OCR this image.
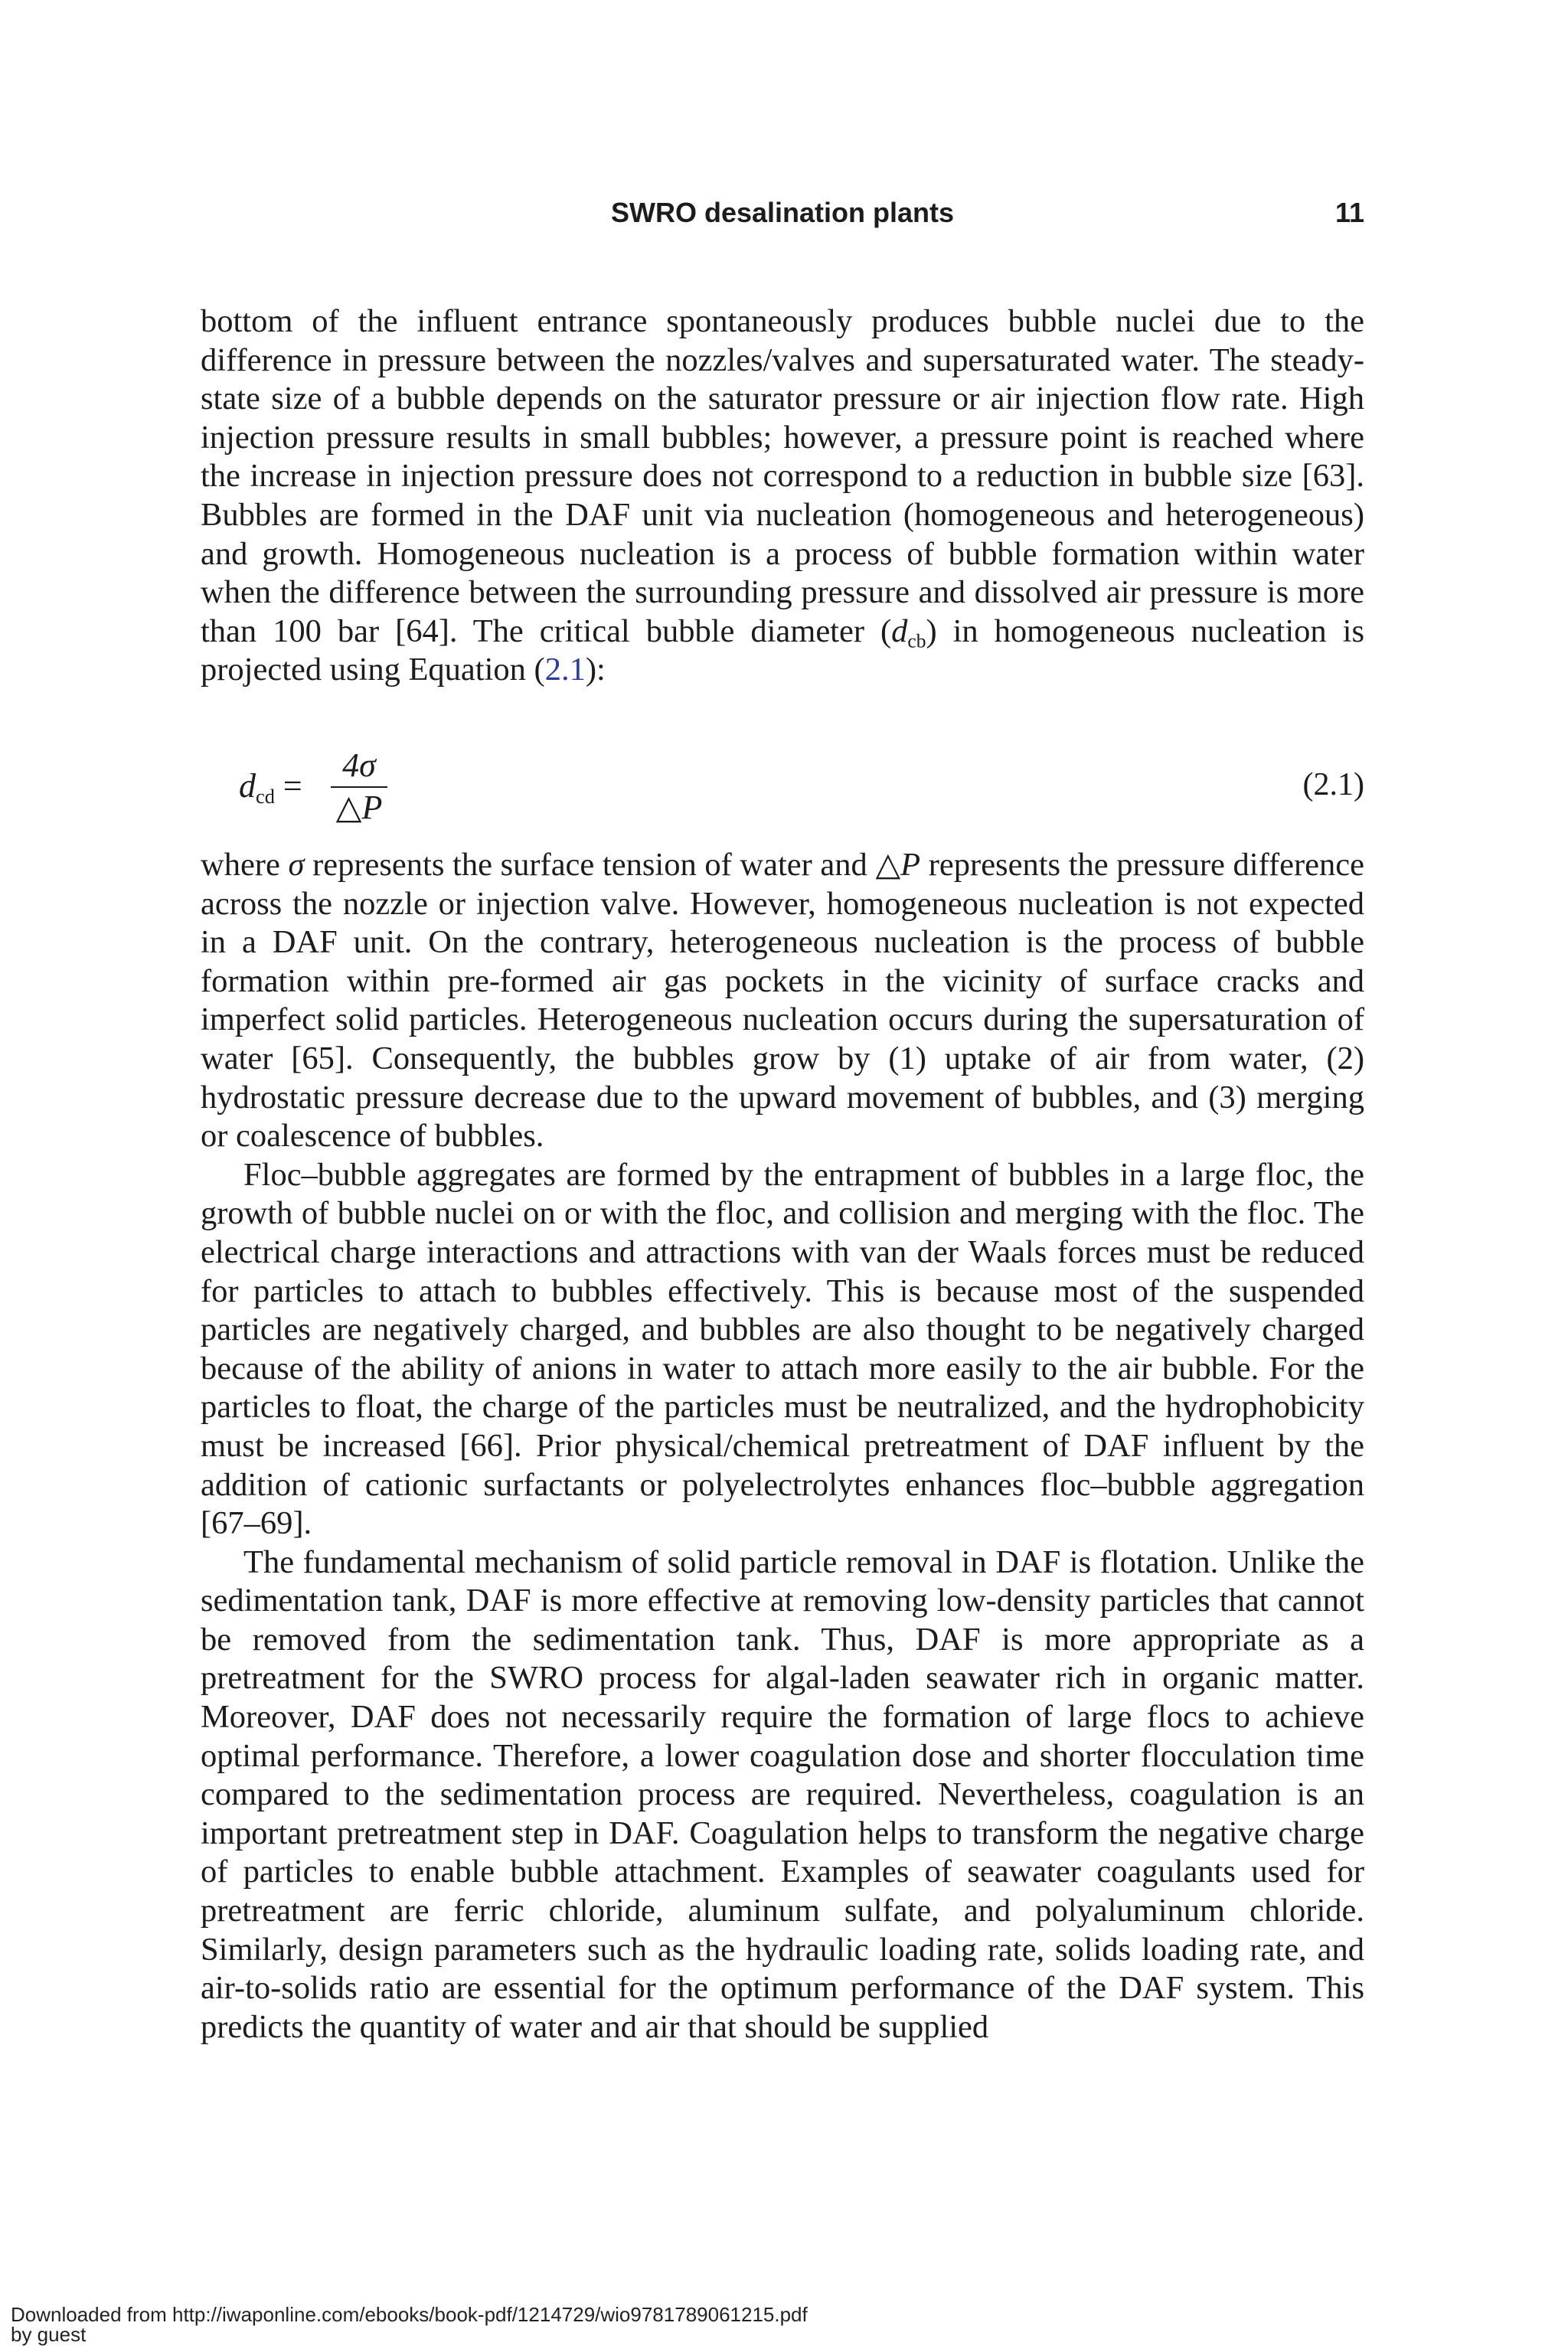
SWRO desalination plants	11

bottom of the influent entrance spontaneously produces bubble nuclei due to the difference in pressure between the nozzles/valves and supersaturated water. The steady-state size of a bubble depends on the saturator pressure or air injection flow rate. High injection pressure results in small bubbles; however, a pressure point is reached where the increase in injection pressure does not correspond to a reduction in bubble size [63]. Bubbles are formed in the DAF unit via nucleation (homogeneous and heterogeneous) and growth. Homogeneous nucleation is a process of bubble formation within water when the difference between the surrounding pressure and dissolved air pressure is more than 100 bar [64]. The critical bubble diameter $(d_{cb})$ in homogeneous nucleation is projected using Equation (2.1):

$d_{cd} = \frac{4\sigma}{\triangle P}$	(2.1)

where σ represents the surface tension of water and △P represents the pressure difference across the nozzle or injection valve. However, homogeneous nucleation is not expected in a DAF unit. On the contrary, heterogeneous nucleation is the process of bubble formation within pre-formed air gas pockets in the vicinity of surface cracks and imperfect solid particles. Heterogeneous nucleation occurs during the supersaturation of water [65]. Consequently, the bubbles grow by (1) uptake of air from water, (2) hydrostatic pressure decrease due to the upward movement of bubbles, and (3) merging or coalescence of bubbles.

Floc–bubble aggregates are formed by the entrapment of bubbles in a large floc, the growth of bubble nuclei on or with the floc, and collision and merging with the floc. The electrical charge interactions and attractions with van der Waals forces must be reduced for particles to attach to bubbles effectively. This is because most of the suspended particles are negatively charged, and bubbles are also thought to be negatively charged because of the ability of anions in water to attach more easily to the air bubble. For the particles to float, the charge of the particles must be neutralized, and the hydrophobicity must be increased [66]. Prior physical/chemical pretreatment of DAF influent by the addition of cationic surfactants or polyelectrolytes enhances floc–bubble aggregation [67–69].

The fundamental mechanism of solid particle removal in DAF is flotation. Unlike the sedimentation tank, DAF is more effective at removing low-density particles that cannot be removed from the sedimentation tank. Thus, DAF is more appropriate as a pretreatment for the SWRO process for algal-laden seawater rich in organic matter. Moreover, DAF does not necessarily require the formation of large flocs to achieve optimal performance. Therefore, a lower coagulation dose and shorter flocculation time compared to the sedimentation process are required. Nevertheless, coagulation is an important pretreatment step in DAF. Coagulation helps to transform the negative charge of particles to enable bubble attachment. Examples of seawater coagulants used for pretreatment are ferric chloride, aluminum sulfate, and polyaluminum chloride. Similarly, design parameters such as the hydraulic loading rate, solids loading rate, and air-to-solids ratio are essential for the optimum performance of the DAF system. This predicts the quantity of water and air that should be supplied

Downloaded from http://iwaponline.com/ebooks/book-pdf/1214729/wio9781789061215.pdf
by guest
